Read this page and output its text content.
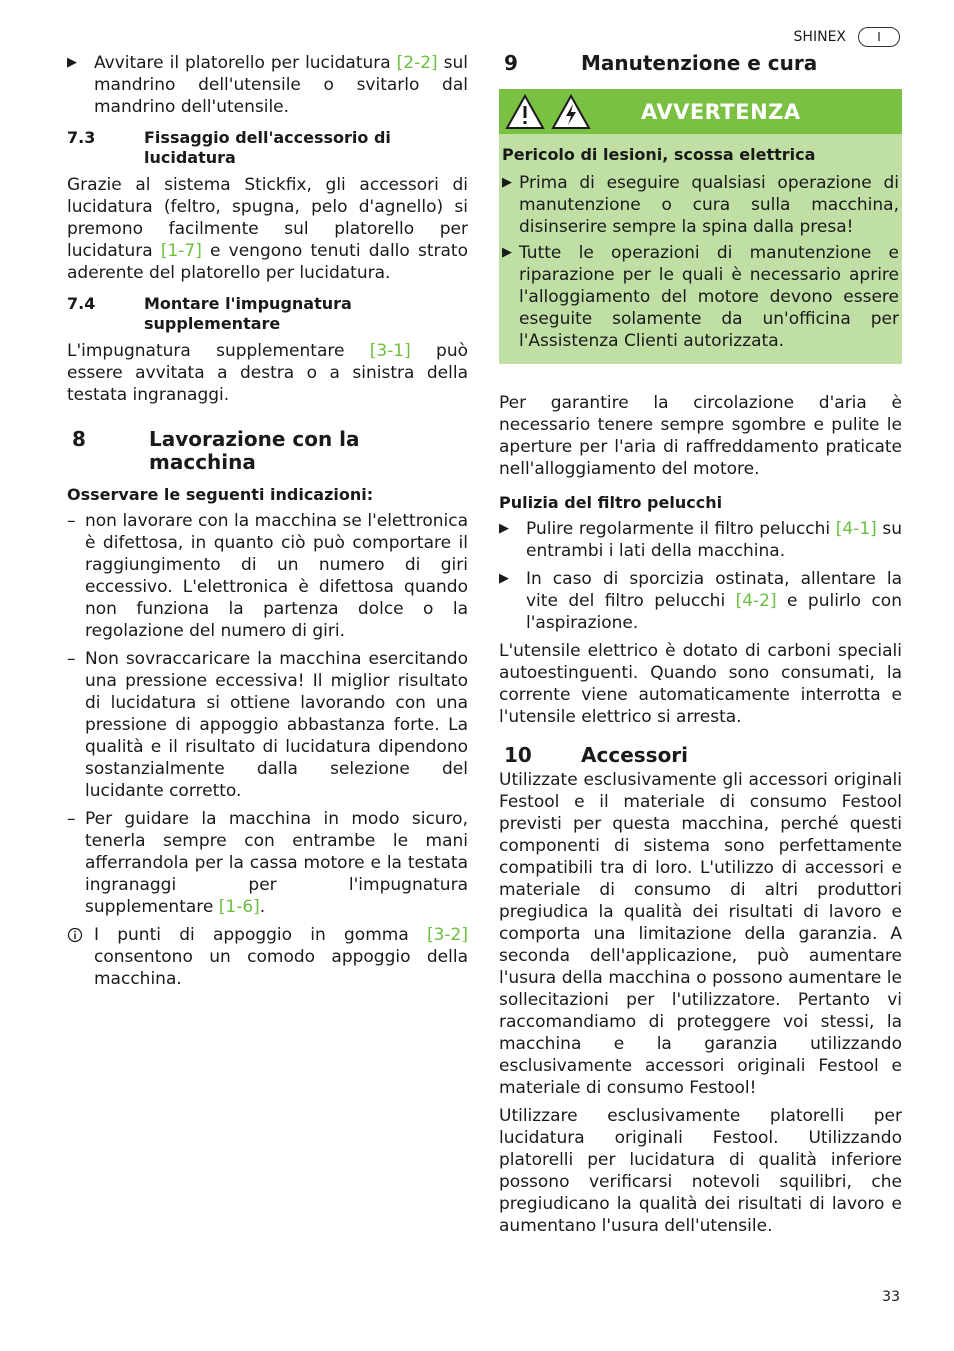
SHINEX	I
▶	Avvitare il platorello per lucidatura [2-2] sul mandrino dell'utensile o svitarlo dal mandrino dell'utensile.
7.3	Fissaggio dell'accessorio di lucidatura

Grazie al sistema Stickfix, gli accessori di lucidatura (feltro, spugna, pelo d'agnello) si premono facilmente sul platorello per lucidatura [1-7] e vengono tenuti dallo strato aderente del platorello per lucidatura.

7.4	Montare l'impugnatura supplementare

L'impugnatura supplementare [3-1] può essere avvitata a destra o a sinistra della testata ingranaggi.

8	Lavorazione con la macchina
Osservare le seguenti indicazioni:
– non lavorare con la macchina se l'elettronica è difettosa, in quanto ciò può comportare il raggiungimento di un numero di giri eccessivo. L'elettronica è difettosa quando non funziona la partenza dolce o la regolazione del numero di giri.
– Non sovraccaricare la macchina esercitando una pressione eccessiva! Il miglior risultato di lucidatura si ottiene lavorando con una pressione di appoggio abbastanza forte. La qualità e il risultato di lucidatura dipendono sostanzialmente dalla selezione del lucidante corretto.
– Per guidare la macchina in modo sicuro, tenerla sempre con entrambe le mani afferrandola per la cassa motore e la testata ingranaggi per l'impugnatura supplementare [1-6].
I punti di appoggio in gomma [3-2] consentono un comodo appoggio della macchina.
9	Manutenzione e cura
AVVERTENZA
Pericolo di lesioni, scossa elettrica
▶ Prima di eseguire qualsiasi operazione di manutenzione o cura sulla macchina, disinserire sempre la spina dalla presa!
▶ Tutte le operazioni di manutenzione e riparazione per le quali è necessario aprire l'alloggiamento del motore devono essere eseguite solamente da un'officina per l'Assistenza Clienti autorizzata.

Per garantire la circolazione d'aria è necessario tenere sempre sgombre e pulite le aperture per l'aria di raffreddamento praticate nell'alloggiamento del motore.

Pulizia del filtro pelucchi
▶	Pulire regolarmente il filtro pelucchi [4-1] su entrambi i lati della macchina.
▶	In caso di sporcizia ostinata, allentare la vite del filtro pelucchi [4-2] e pulirlo con l'aspirazione.

L'utensile elettrico è dotato di carboni speciali autoestinguenti. Quando sono consumati, la corrente viene automaticamente interrotta e l'utensile elettrico si arresta.

10	Accessori

Utilizzate esclusivamente gli accessori originali Festool e il materiale di consumo Festool previsti per questa macchina, perché questi componenti di sistema sono perfettamente compatibili tra di loro. L'utilizzo di accessori e materiale di consumo di altri produttori pregiudica la qualità dei risultati di lavoro e comporta una limitazione della garanzia. A seconda dell'applicazione, può aumentare l'usura della macchina o possono aumentare le sollecitazioni per l'utilizzatore. Pertanto vi raccomandiamo di proteggere voi stessi, la macchina e la garanzia utilizzando esclusivamente accessori originali Festool e materiale di consumo Festool!

Utilizzare esclusivamente platorelli per lucidatura originali Festool. Utilizzando platorelli per lucidatura di qualità inferiore possono verificarsi notevoli squilibri, che pregiudicano la qualità dei risultati di lavoro e aumentano l'usura dell'utensile.

33
